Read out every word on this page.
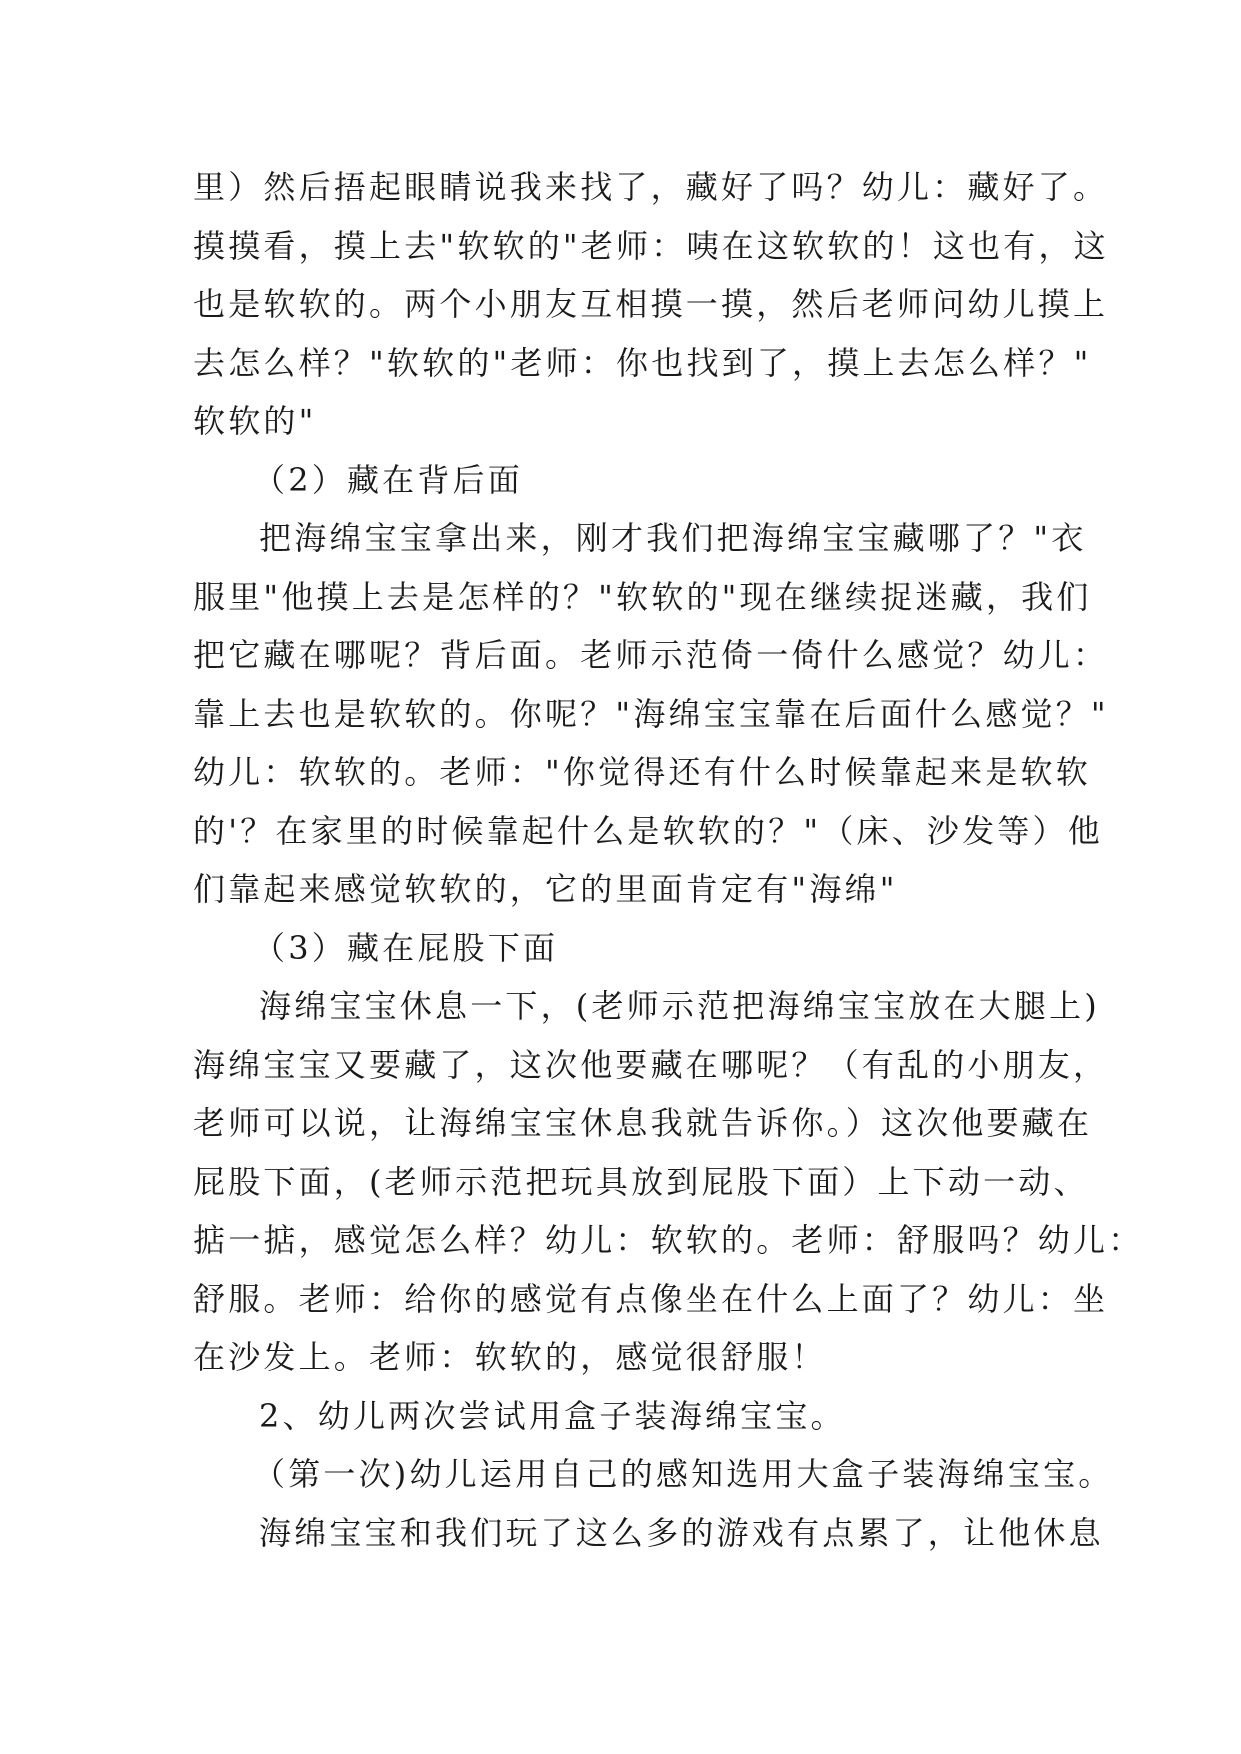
里）然后捂起眼睛说我来找了，藏好了吗？幼儿：藏好了。
摸摸看，摸上去"软软的"老师：咦在这软软的！这也有，这
也是软软的。两个小朋友互相摸一摸，然后老师问幼儿摸上
去怎么样？"软软的"老师：你也找到了，摸上去怎么样？"
软软的"
（2）藏在背后面
把海绵宝宝拿出来，刚才我们把海绵宝宝藏哪了？"衣
服里"他摸上去是怎样的？"软软的"现在继续捉迷藏，我们
把它藏在哪呢？背后面。老师示范倚一倚什么感觉？幼儿：
靠上去也是软软的。你呢？"海绵宝宝靠在后面什么感觉？"
幼儿：软软的。老师："你觉得还有什么时候靠起来是软软
的'？在家里的时候靠起什么是软软的？"（床、沙发等）他
们靠起来感觉软软的，它的里面肯定有"海绵"
（3）藏在屁股下面
海绵宝宝休息一下，(老师示范把海绵宝宝放在大腿上)
海绵宝宝又要藏了，这次他要藏在哪呢？（有乱的小朋友，
老师可以说，让海绵宝宝休息我就告诉你。）这次他要藏在
屁股下面，(老师示范把玩具放到屁股下面）上下动一动、
掂一掂，感觉怎么样？幼儿：软软的。老师：舒服吗？幼儿：
舒服。老师：给你的感觉有点像坐在什么上面了？幼儿：坐
在沙发上。老师：软软的，感觉很舒服！
2、幼儿两次尝试用盒子装海绵宝宝。
（第一次)幼儿运用自己的感知选用大盒子装海绵宝宝。
海绵宝宝和我们玩了这么多的游戏有点累了，让他休息
